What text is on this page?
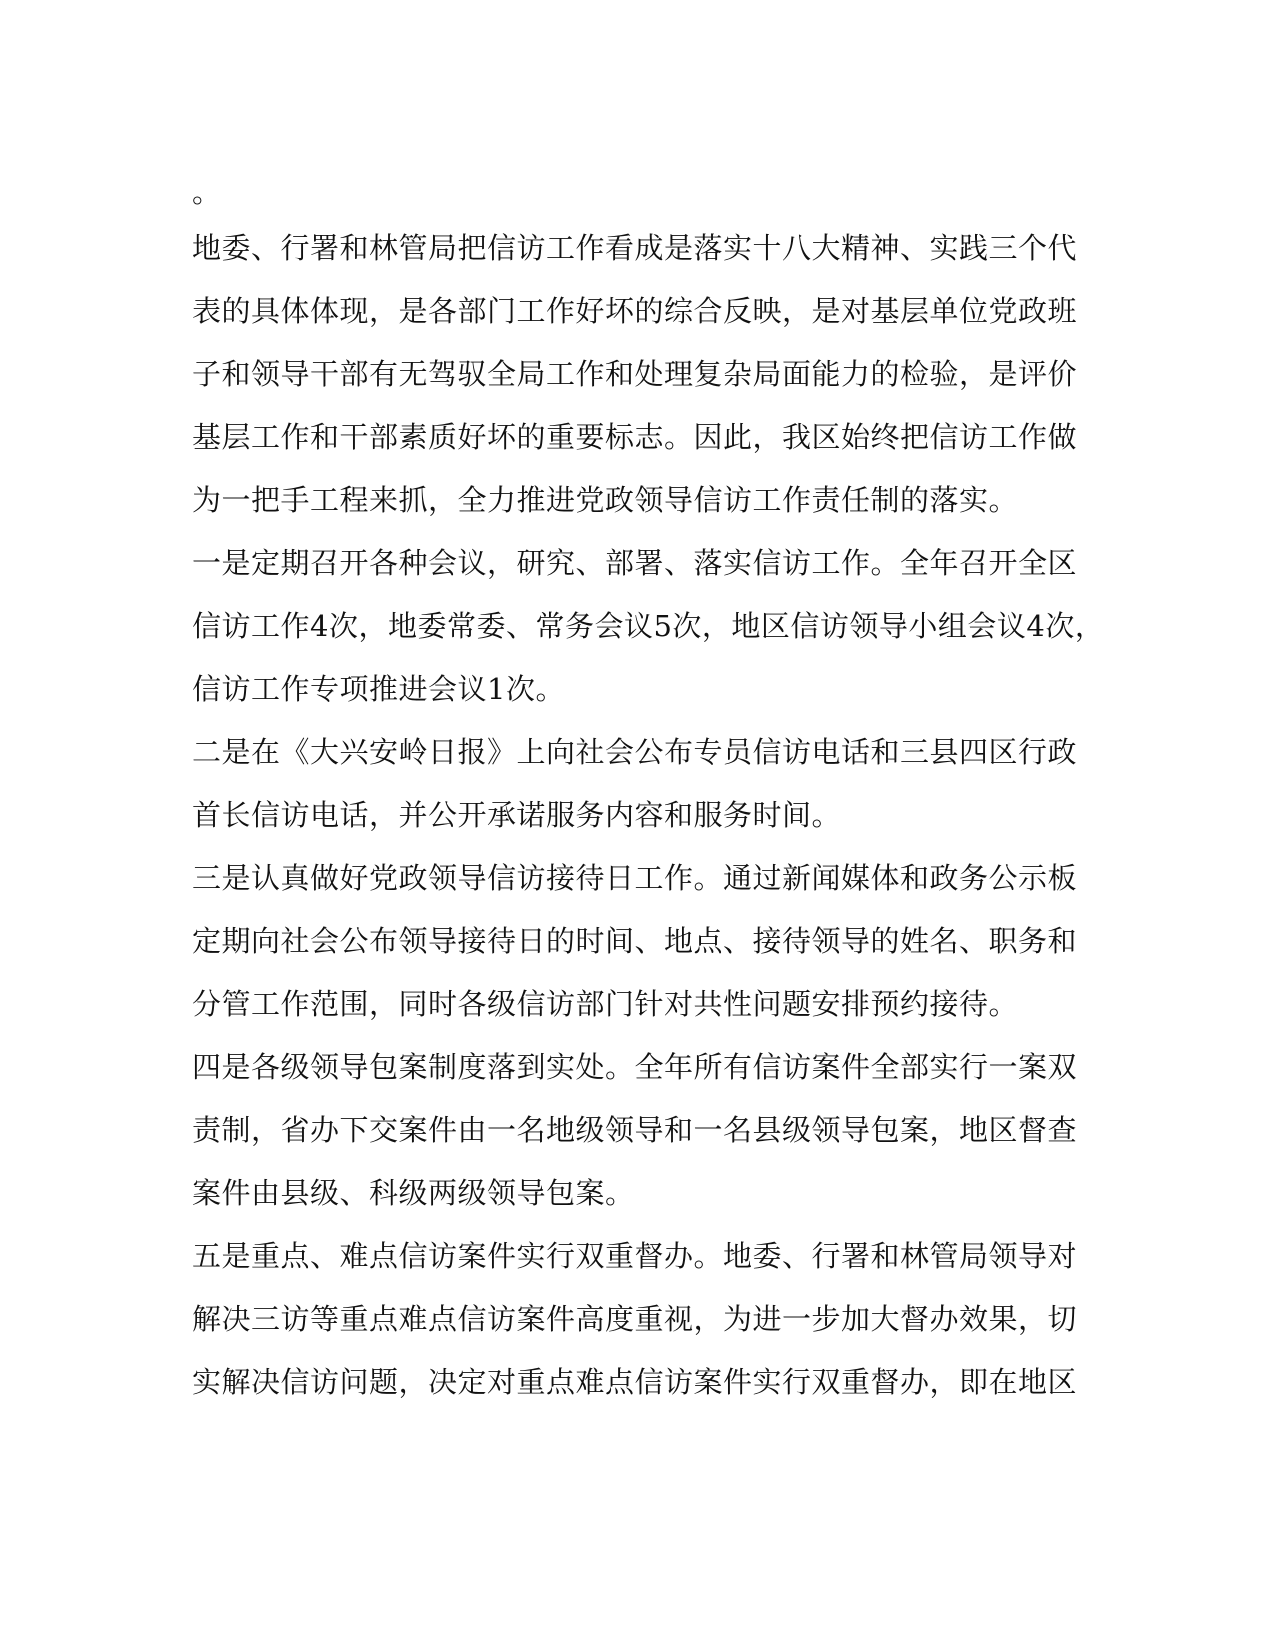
。
地委、行署和林管局把信访工作看成是落实十八大精神、实践三个代
表的具体体现，是各部门工作好坏的综合反映，是对基层单位党政班
子和领导干部有无驾驭全局工作和处理复杂局面能力的检验，是评价
基层工作和干部素质好坏的重要标志。因此，我区始终把信访工作做
为一把手工程来抓，全力推进党政领导信访工作责任制的落实。
一是定期召开各种会议，研究、部署、落实信访工作。全年召开全区
信访工作4次，地委常委、常务会议5次，地区信访领导小组会议4次，
信访工作专项推进会议1次。
二是在《大兴安岭日报》上向社会公布专员信访电话和三县四区行政
首长信访电话，并公开承诺服务内容和服务时间。
三是认真做好党政领导信访接待日工作。通过新闻媒体和政务公示板
定期向社会公布领导接待日的时间、地点、接待领导的姓名、职务和
分管工作范围，同时各级信访部门针对共性问题安排预约接待。
四是各级领导包案制度落到实处。全年所有信访案件全部实行一案双
责制，省办下交案件由一名地级领导和一名县级领导包案，地区督查
案件由县级、科级两级领导包案。
五是重点、难点信访案件实行双重督办。地委、行署和林管局领导对
解决三访等重点难点信访案件高度重视，为进一步加大督办效果，切
实解决信访问题，决定对重点难点信访案件实行双重督办，即在地区
